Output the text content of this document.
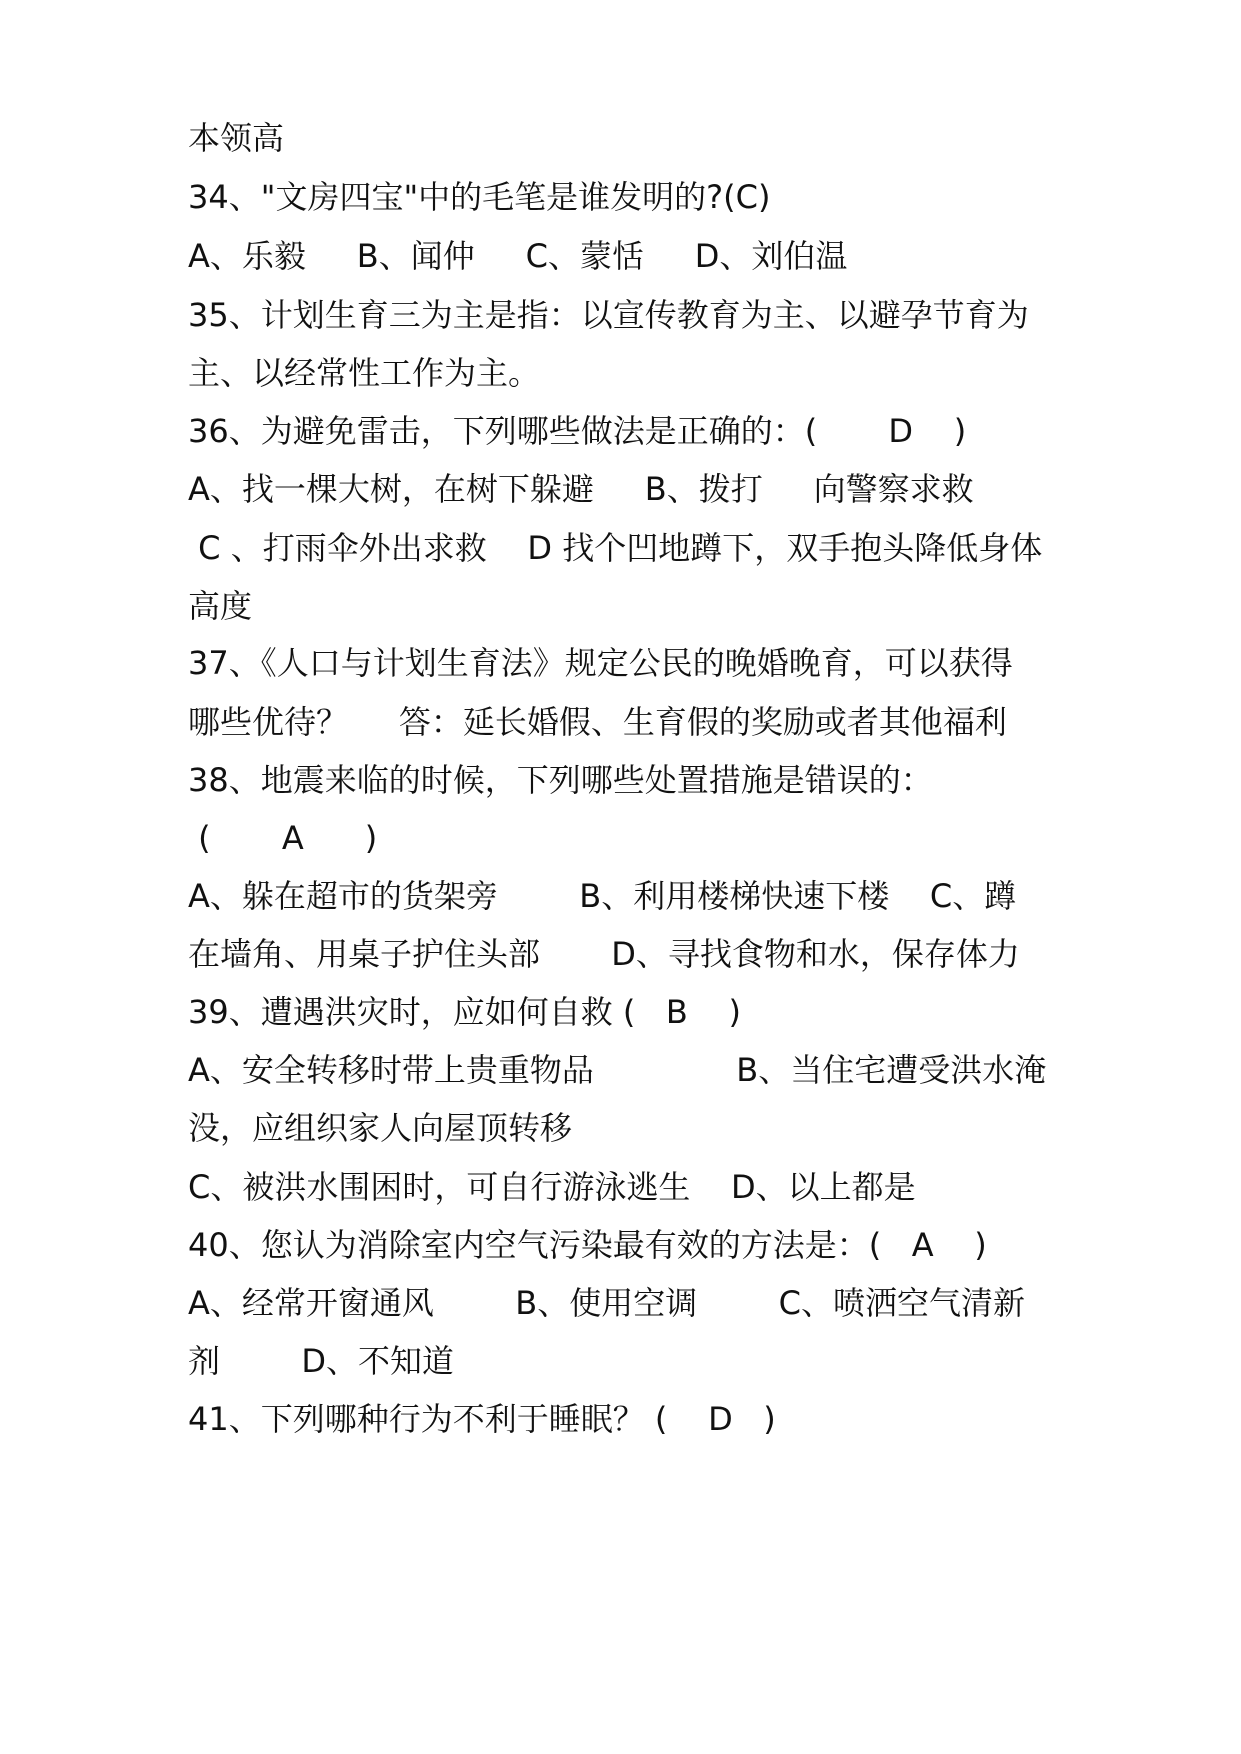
本领高
34、"文房四宝"中的毛笔是谁发明的?(C)
A、乐毅     B、闻仲     C、蒙恬     D、刘伯温
35、计划生育三为主是指：以宣传教育为主、以避孕节育为
主、以经常性工作为主。
36、为避免雷击，下列哪些做法是正确的：(       D    )
A、找一棵大树，在树下躲避     B、拨打     向警察求救
C 、打雨伞外出求救    D 找个凹地蹲下，双手抱头降低身体
高度
37、《人口与计划生育法》规定公民的晚婚晚育，可以获得
哪些优待？     答：延长婚假、生育假的奖励或者其他福利
38、地震来临的时候，下列哪些处置措施是错误的：
(       A      )
A、躲在超市的货架旁        B、利用楼梯快速下楼    C、蹲
在墙角、用桌子护住头部       D、寻找食物和水，保存体力
39、遭遇洪灾时，应如何自救 (   B    )
A、安全转移时带上贵重物品              B、当住宅遭受洪水淹
没，应组织家人向屋顶转移
C、被洪水围困时，可自行游泳逃生    D、以上都是
40、您认为消除室内空气污染最有效的方法是：(   A    )
A、经常开窗通风        B、使用空调        C、喷洒空气清新
剂        D、不知道
41、下列哪种行为不利于睡眠？ (    D   )
